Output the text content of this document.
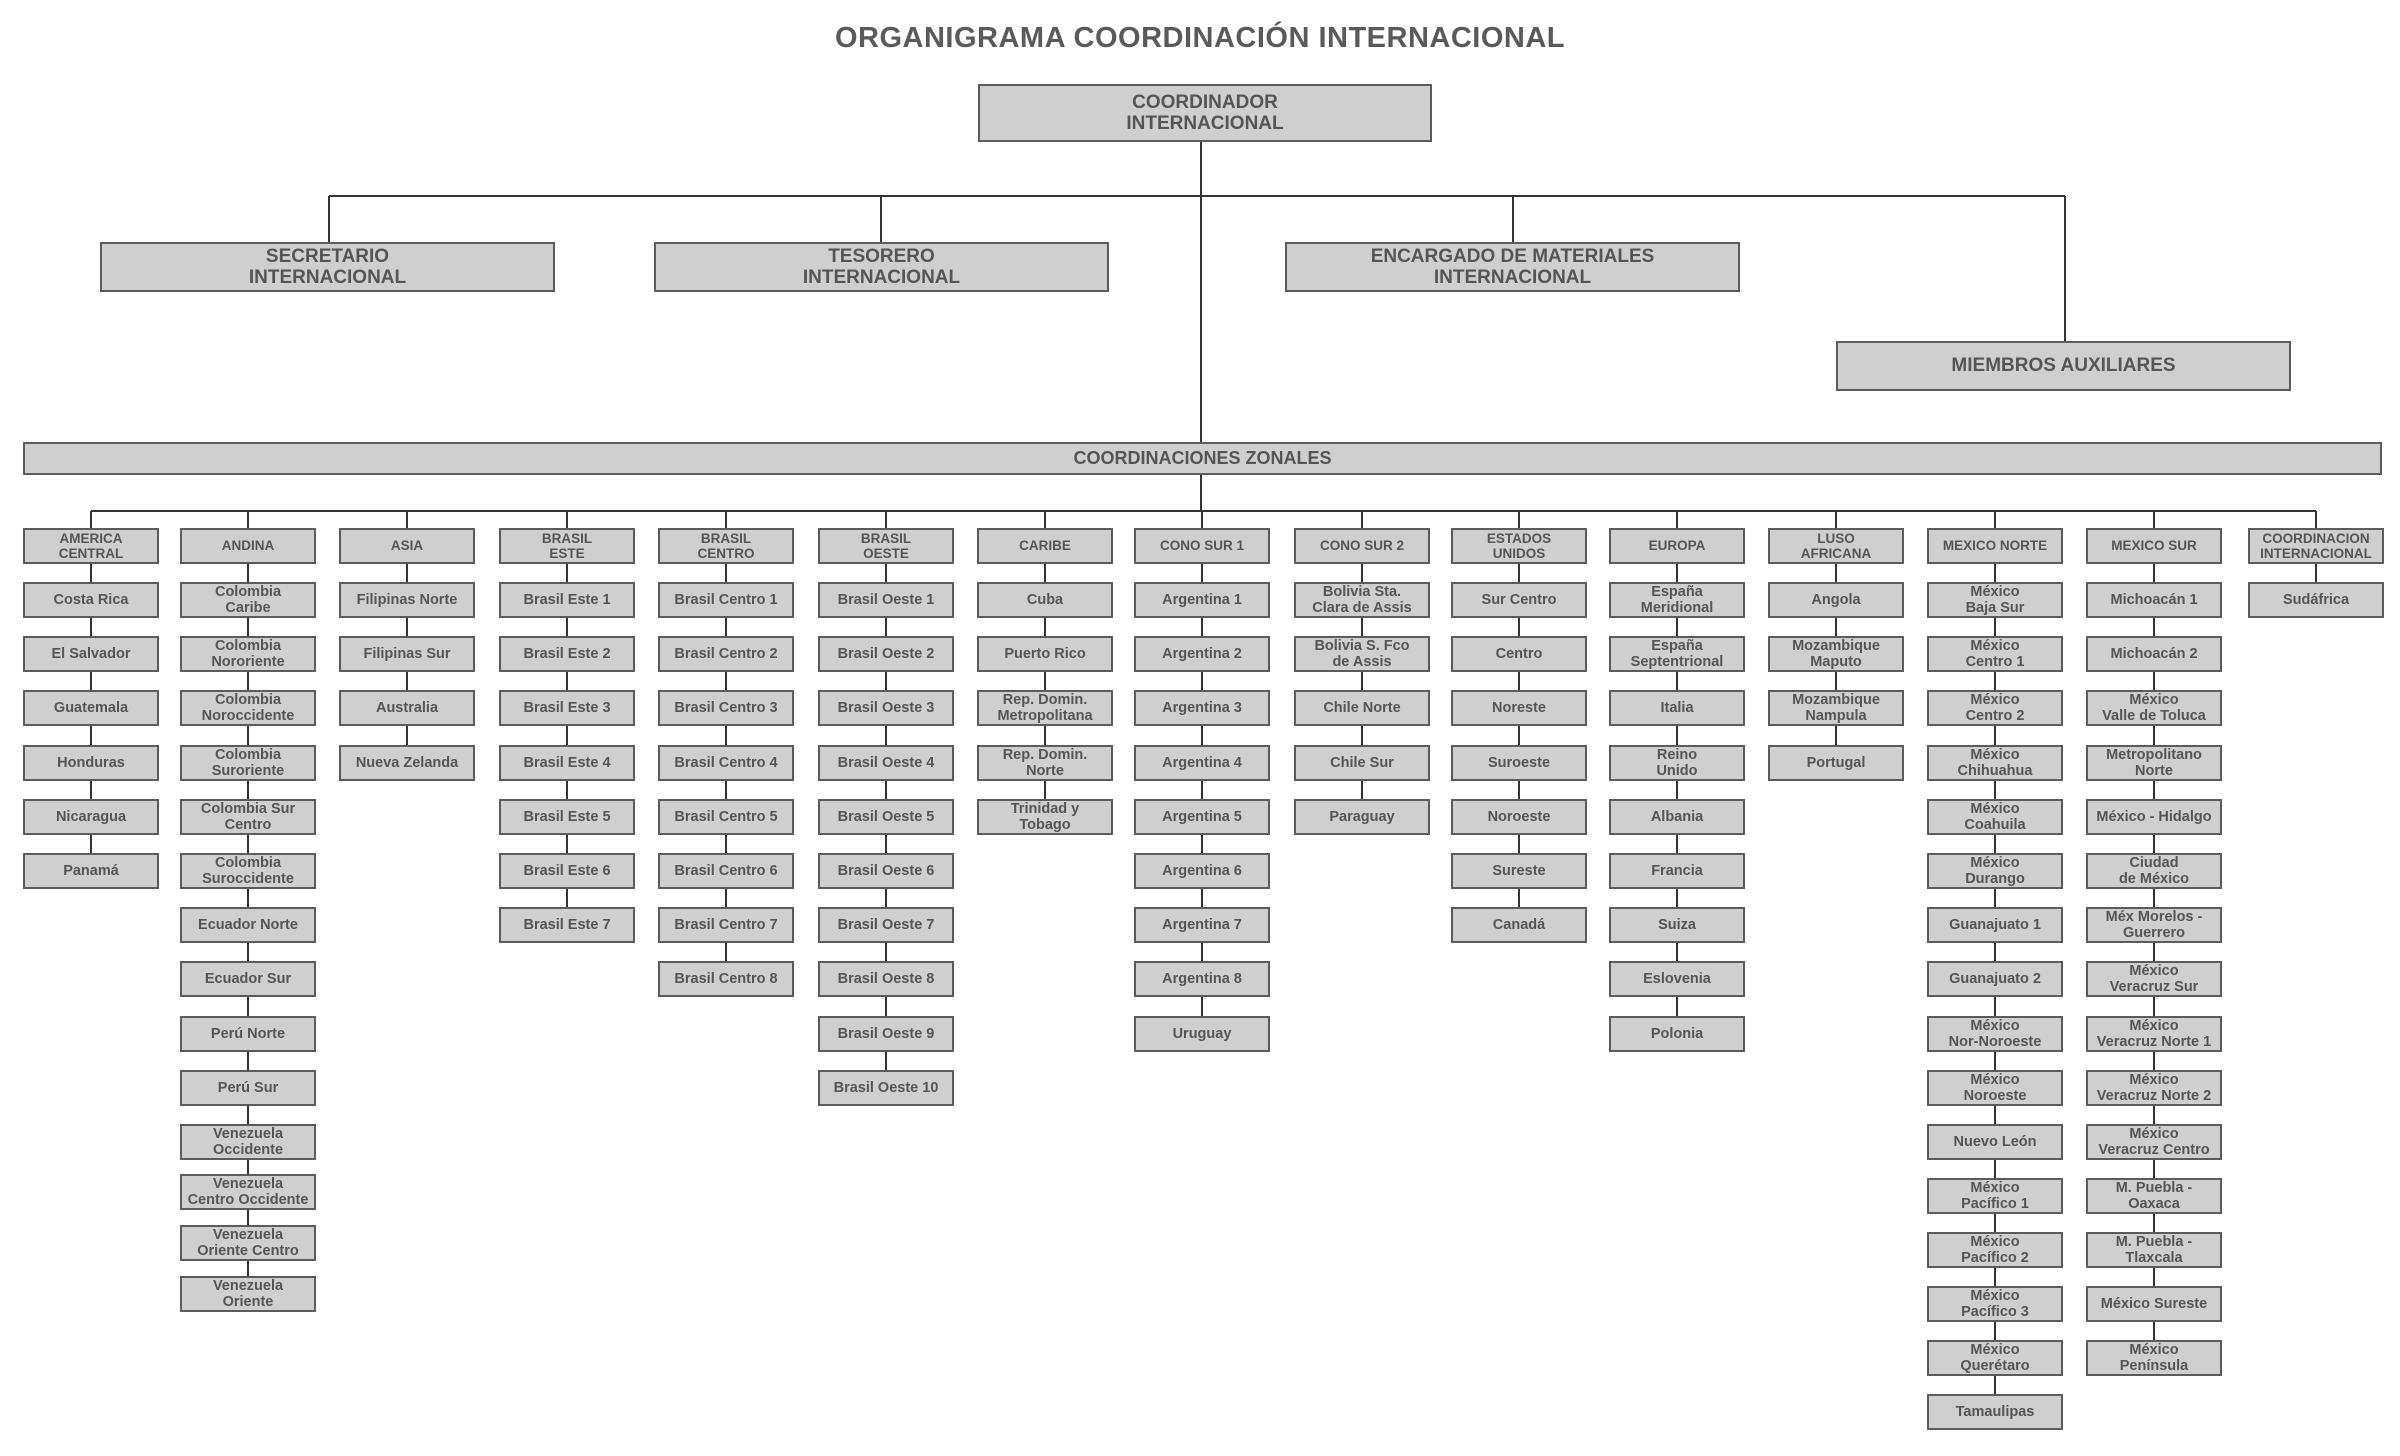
ORGANIGRAMA COORDINACIÓN INTERNACIONAL
COORDINADOR
INTERNACIONAL
SECRETARIO
INTERNACIONAL
TESORERO
INTERNACIONAL
ENCARGADO DE MATERIALES
INTERNACIONAL
MIEMBROS AUXILIARES
COORDINACIONES ZONALES
AMERICA
CENTRAL
Costa Rica
El Salvador
Guatemala
Honduras
Nicaragua
Panamá
ANDINA
Colombia
Caribe
Colombia
Nororiente
Colombia
Noroccidente
Colombia
Suroriente
Colombia Sur
Centro
Colombia
Suroccidente
Ecuador Norte
Ecuador Sur
Perú Norte
Perú Sur
Venezuela
Occidente
Venezuela
Centro Occidente
Venezuela
Oriente Centro
Venezuela
Oriente
ASIA
Filipinas Norte
Filipinas Sur
Australia
Nueva Zelanda
BRASIL
ESTE
Brasil Este 1
Brasil Este 2
Brasil Este 3
Brasil Este 4
Brasil Este 5
Brasil Este 6
Brasil Este 7
BRASIL
CENTRO
Brasil Centro 1
Brasil Centro 2
Brasil Centro 3
Brasil Centro 4
Brasil Centro 5
Brasil Centro 6
Brasil Centro 7
Brasil Centro 8
BRASIL
OESTE
Brasil Oeste 1
Brasil Oeste 2
Brasil Oeste 3
Brasil Oeste 4
Brasil Oeste 5
Brasil Oeste 6
Brasil Oeste 7
Brasil Oeste 8
Brasil Oeste 9
Brasil Oeste 10
CARIBE
Cuba
Puerto Rico
Rep. Domin.
Metropolitana
Rep. Domin.
Norte
Trinidad y
Tobago
CONO SUR 1
Argentina 1
Argentina 2
Argentina 3
Argentina 4
Argentina 5
Argentina 6
Argentina 7
Argentina 8
Uruguay
CONO SUR 2
Bolivia Sta.
Clara de Assis
Bolivia S. Fco
de Assis
Chile Norte
Chile Sur
Paraguay
ESTADOS
UNIDOS
Sur Centro
Centro
Noreste
Suroeste
Noroeste
Sureste
Canadá
EUROPA
España
Meridional
España
Septentrional
Italia
Reino
Unido
Albania
Francia
Suiza
Eslovenia
Polonia
LUSO
AFRICANA
Angola
Mozambique
Maputo
Mozambique
Nampula
Portugal
MEXICO NORTE
México
Baja Sur
México
Centro 1
México
Centro 2
México
Chihuahua
México
Coahuila
México
Durango
Guanajuato 1
Guanajuato 2
México
Nor-Noroeste
México
Noroeste
Nuevo León
México
Pacífico 1
México
Pacífico 2
México
Pacífico 3
México
Querétaro
Tamaulipas
MEXICO SUR
Michoacán 1
Michoacán 2
México
Valle de Toluca
Metropolitano
Norte
México - Hidalgo
Ciudad
de México
Méx Morelos -
Guerrero
México
Veracruz Sur
México
Veracruz Norte 1
México
Veracruz Norte 2
México
Veracruz Centro
M. Puebla -
Oaxaca
M. Puebla -
Tlaxcala
México Sureste
México
Península
COORDINACION
INTERNACIONAL
Sudáfrica
